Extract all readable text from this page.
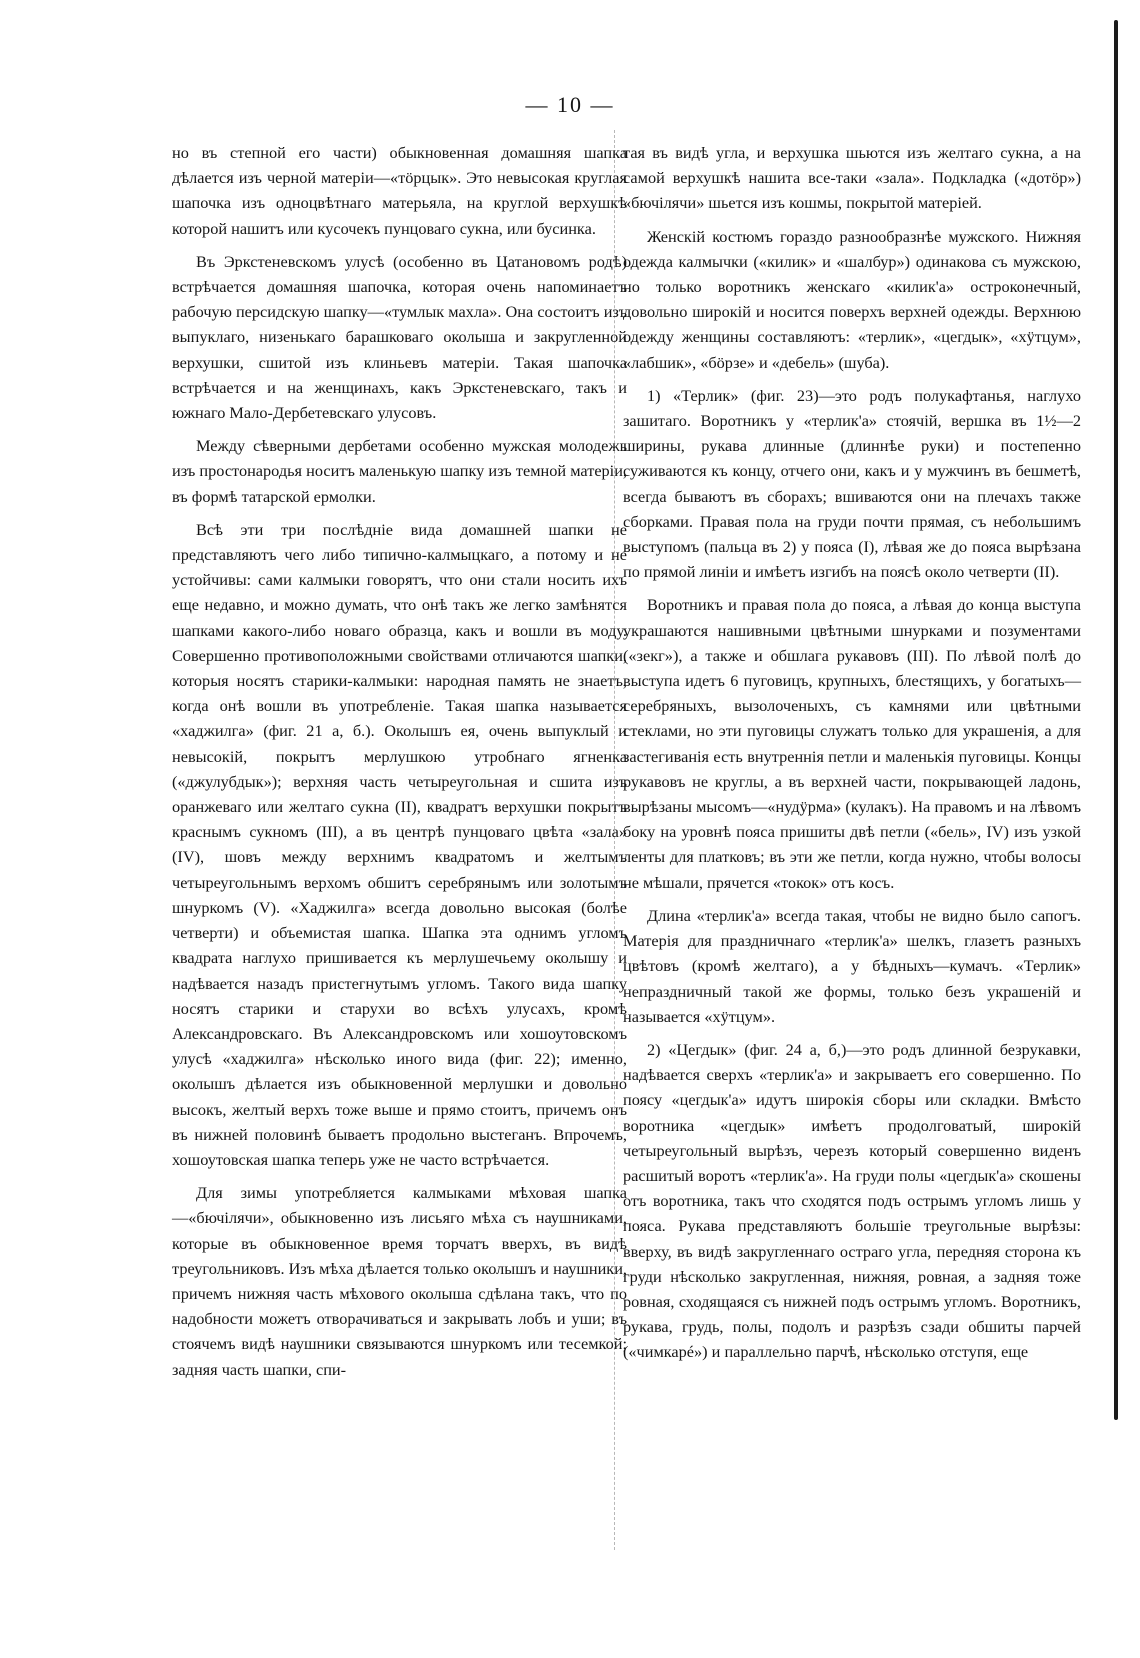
— 10 —

но въ степной его части) обыкновенная домашняя шапка дѣлается изъ черной матеріи—«тöрцык». Это невысокая круглая шапочка изъ одноцвѣтнаго матерьяла, на круглой верхушкѣ которой нашитъ или кусочекъ пунцоваго сукна, или бусинка.

Въ Эркстеневскомъ улусѣ (особенно въ Цатановомъ родѣ) встрѣчается домашняя шапочка, которая очень напоминаетъ рабочую персидскую шапку—«тумлык махла». Она состоитъ изъ выпуклаго, низенькаго барашковаго околыша и закругленной верхушки, сшитой изъ клиньевъ матеріи. Такая шапочка встрѣчается и на женщинахъ, какъ Эркстеневскаго, такъ и южнаго Мало-Дербетевскаго улусовъ.

Между сѣверными дербетами особенно мужская молодежь изъ простонародья носитъ маленькую шапку изъ темной матеріи, въ формѣ татарской ермолки.

Всѣ эти три послѣдніе вида домашней шапки не представляютъ чего либо типично-калмыцкаго, а потому и не устойчивы: сами калмыки говорятъ, что они стали носить ихъ еще недавно, и можно думать, что онѣ такъ же легко замѣнятся шапками какого-либо новаго образца, какъ и вошли въ моду. Совершенно противоположными свойствами отличаются шапки, которыя носятъ старики-калмыки: народная память не знаетъ, когда онѣ вошли въ употребленіе. Такая шапка называется «хаджилга» (фиг. 21 а, б.). Околышъ ея, очень выпуклый и невысокій, покрытъ мерлушкою утробнаго ягненка («джулубдык»); верхняя часть четыреугольная и сшита изъ оранжеваго или желтаго сукна (II), квадратъ верхушки покрытъ краснымъ сукномъ (III), а въ центрѣ пунцоваго цвѣта «зала» (IV), шовъ между верхнимъ квадратомъ и желтымъ четыреугольнымъ верхомъ обшитъ серебрянымъ или золотымъ шнуркомъ (V). «Хаджилга» всегда довольно высокая (болѣе четверти) и объемистая шапка. Шапка эта однимъ угломъ квадрата наглухо пришивается къ мерлушечьему околышу и надѣвается назадъ пристегнутымъ угломъ. Такого вида шапку носятъ старики и старухи во всѣхъ улусахъ, кромѣ Александровскаго. Въ Александровскомъ или хошоутовскомъ улусѣ «хаджилга» нѣсколько иного вида (фиг. 22); именно, околышъ дѣлается изъ обыкновенной мерлушки и довольно высокъ, желтый верхъ тоже выше и прямо стоитъ, причемъ онъ въ нижней половинѣ бываетъ продольно выстеганъ. Впрочемъ, хошоутовская шапка теперь уже не часто встрѣчается.

Для зимы употребляется калмыками мѣховая шапка—«бючiлячи», обыкновенно изъ лисьяго мѣха съ наушниками, которые въ обыкновенное время торчатъ вверхъ, въ видѣ треугольниковъ. Изъ мѣха дѣлается только околышъ и наушники, причемъ нижняя часть мѣхового околыша сдѣлана такъ, что по надобности можетъ отворачиваться и закрывать лобъ и уши; въ стоячемъ видѣ наушники связываются шнуркомъ или тесемкой; задняя часть шапки, спи-

тая въ видѣ угла, и верхушка шьются изъ желтаго сукна, а на самой верхушкѣ нашита все-таки «зала». Подкладка («дотöр») «бючiлячи» шьется изъ кошмы, покрытой матеріей.

Женскій костюмъ гораздо разнообразнѣе мужского. Нижняя одежда калмычки («килик» и «шалбур») одинакова съ мужскою, но только воротникъ женскаго «килик'а» остроконечный, довольно широкій и носится поверхъ верхней одежды. Верхнюю одежду женщины составляютъ: «терлик», «цегдык», «хÿтцум», «лабшик», «бöрзе» и «дебель» (шуба).

1) «Терлик» (фиг. 23)—это родъ полукафтанья, наглухо зашитаго. Воротникъ у «терлик'а» стоячій, вершка въ 1½—2 ширины, рукава длинные (длиннѣе руки) и постепенно суживаются къ концу, отчего они, какъ и у мужчинъ въ бешметѣ, всегда бываютъ въ сборахъ; вшиваются они на плечахъ также сборками. Правая пола на груди почти прямая, съ небольшимъ выступомъ (пальца въ 2) у пояса (I), лѣвая же до пояса вырѣзана по прямой линіи и имѣетъ изгибъ на поясѣ около четверти (II).

Воротникъ и правая пола до пояса, а лѣвая до конца выступа украшаются нашивными цвѣтными шнурками и позументами («зекг»), а также и обшлага рукавовъ (III). По лѣвой полѣ до выступа идетъ 6 пуговицъ, крупныхъ, блестящихъ, у богатыхъ—серебряныхъ, вызолоченыхъ, съ камнями или цвѣтными стеклами, но эти пуговицы служатъ только для украшенія, а для застегиванія есть внутреннія петли и маленькія пуговицы. Концы рукавовъ не круглы, а въ верхней части, покрывающей ладонь, вырѣзаны мысомъ—«нудÿрма» (кулакъ). На правомъ и на лѣвомъ боку на уровнѣ пояса пришиты двѣ петли («бель», IV) изъ узкой ленты для платковъ; въ эти же петли, когда нужно, чтобы волосы не мѣшали, прячется «токок» отъ косъ.

Длина «терлик'а» всегда такая, чтобы не видно было сапогъ. Матерія для праздничнаго «терлик'а» шелкъ, глазетъ разныхъ цвѣтовъ (кромѣ желтаго), а у бѣдныхъ—кумачъ. «Терлик» непраздничный такой же формы, только безъ украшеній и называется «хÿтцум».

2) «Цегдык» (фиг. 24 а, б,)—это родъ длинной безрукавки, надѣвается сверхъ «терлик'а» и закрываетъ его совершенно. По поясу «цегдык'а» идутъ широкія сборы или складки. Вмѣсто воротника «цегдык» имѣетъ продолговатый, широкій четыреугольный вырѣзъ, черезъ который совершенно виденъ расшитый воротъ «терлик'а». На груди полы «цегдык'а» скошены отъ воротника, такъ что сходятся подъ острымъ угломъ лишь у пояса. Рукава представляютъ большіе треугольные вырѣзы: вверху, въ видѣ закругленнаго остраго угла, передняя сторона къ груди нѣсколько закругленная, нижняя, ровная, а задняя тоже ровная, сходящаяся съ нижней подъ острымъ угломъ. Воротникъ, рукава, грудь, полы, подолъ и разрѣзъ сзади обшиты парчей («чимкарé») и параллельно парчѣ, нѣсколько отступя, еще
